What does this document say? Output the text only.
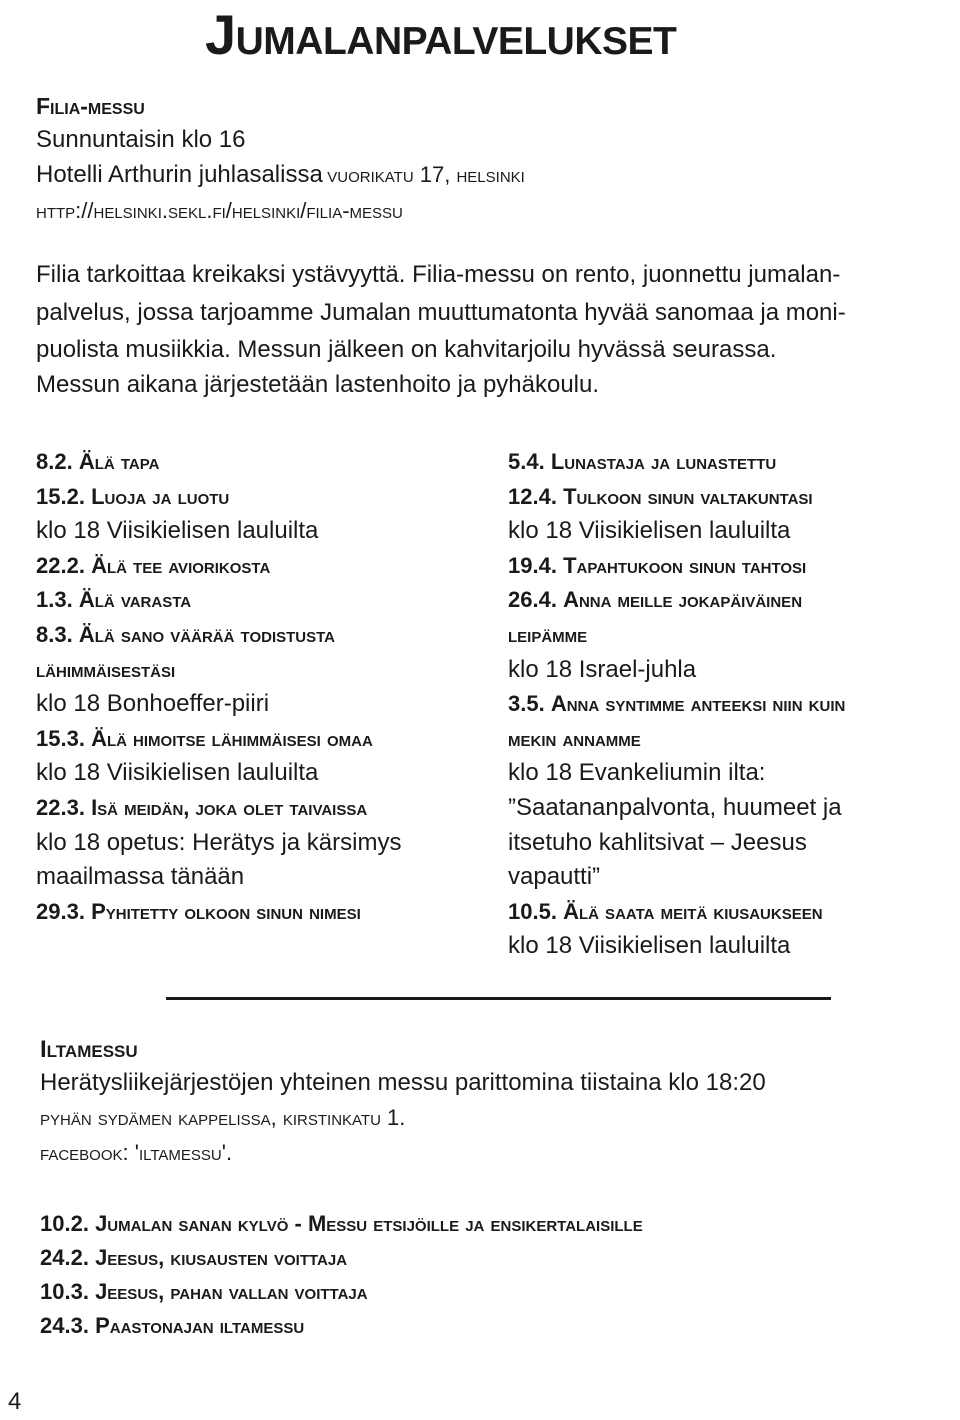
Jumalanpalvelukset
Filia-messu
Sunnuntaisin klo 16
Hotelli Arthurin juhlasalissa vuorikatu 17, helsinki
http://helsinki.sekl.fi/helsinki/filia-messu
Filia tarkoittaa kreikaksi ystävyyttä. Filia-messu on rento, juonnettu jumalan-
palvelus, jossa tarjoamme Jumalan muuttumatonta hyvää sanomaa ja moni-
puolista musiikkia. Messun jälkeen on kahvitarjoilu hyvässä seurassa.
Messun aikana järjestetään lastenhoito ja pyhäkoulu.
8.2. Älä tapa
15.2. Luoja ja luotu
klo 18 Viisikielisen lauluilta
22.2. Älä tee aviorikosta
1.3. Älä varasta
8.3. Älä sano väärää todistusta
lähimmäisestäsi
klo 18 Bonhoeffer-piiri
15.3. Älä himoitse lähimmäisesi omaa
klo 18 Viisikielisen lauluilta
22.3. Isä meidän, joka olet taivaissa
klo 18 opetus: Herätys ja kärsimys
maailmassa tänään
29.3. Pyhitetty olkoon sinun nimesi
5.4. Lunastaja ja lunastettu
12.4. Tulkoon sinun valtakuntasi
klo 18 Viisikielisen lauluilta
19.4. Tapahtukoon sinun tahtosi
26.4. Anna meille jokapäiväinen
leipämme
klo 18 Israel-juhla
3.5. Anna syntimme anteeksi niin kuin
mekin annamme
klo 18 Evankeliumin ilta:
”Saatananpalvonta, huumeet ja
itsetuho kahlitsivat – Jeesus
vapautti”
10.5. Älä saata meitä kiusaukseen
klo 18 Viisikielisen lauluilta
Iltamessu
Herätysliikejärjestöjen yhteinen messu parittomina tiistaina klo 18:20
pyhän sydämen kappelissa, kirstinkatu 1.
facebook: 'iltamessu'.
10.2. Jumalan sanan kylvö - Messu etsijöille ja ensikertalaisille
24.2. Jeesus, kiusausten voittaja
10.3. Jeesus, pahan vallan voittaja
24.3. Paastonajan iltamessu
4
